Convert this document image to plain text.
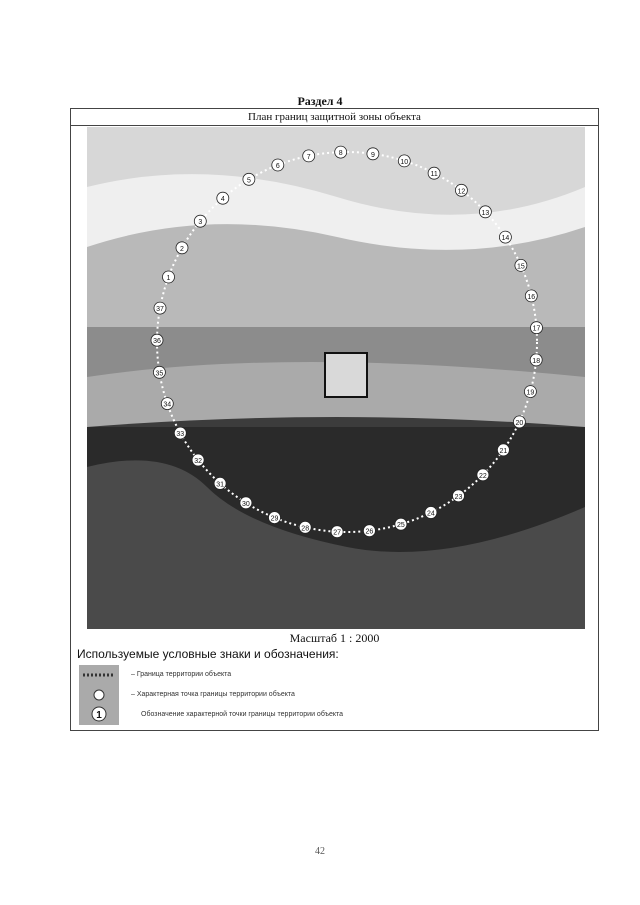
Раздел 4
План границ защитной зоны объекта
1
2
3
4
5
6
7
8	9
10
11
12
13
14
15
16
17
18
19
20
21
22
23
24
25
26
27
28
29
30
31
32
33
34
35
36
37
Масштаб 1 : 2000
Используемые условные знаки и обозначения:
1
– Граница территории объекта
– Характерная точка границы территории объекта
Обозначение характерной точки границы территории объекта
42
